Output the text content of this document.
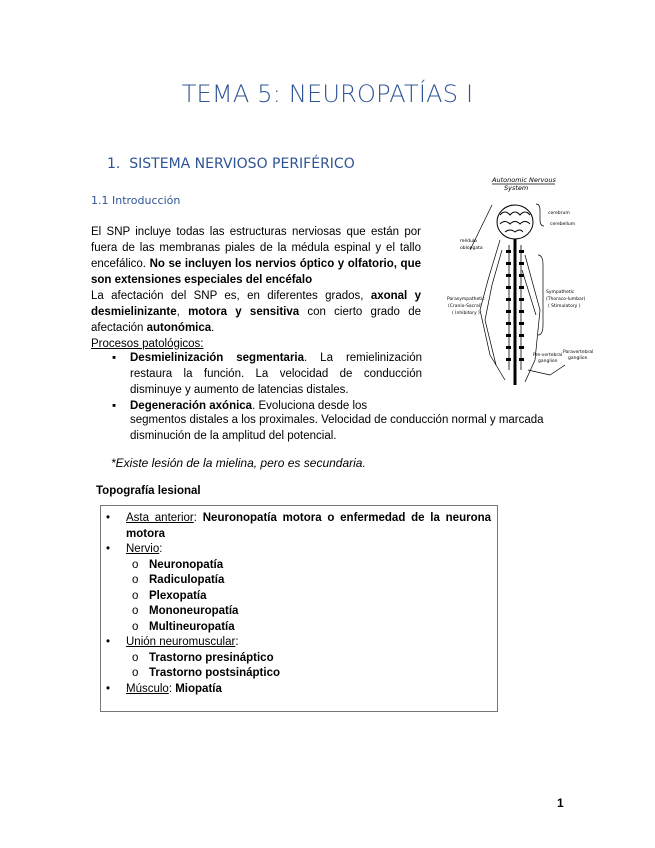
TEMA 5: NEUROPATÍAS I
1. SISTEMA NERVIOSO PERIFÉRICO
1.1 Introducción

El SNP incluye todas las estructuras nerviosas que están por fuera de las membranas piales de la médula espinal y el tallo encefálico. No se incluyen los nervios óptico y olfatorio, que son extensiones especiales del encéfalo

La afectación del SNP es, en diferentes grados, axonal y desmielinizante, motora y sensitiva con cierto grado de afectación autonómica.

Procesos patológicos:

▪ Desmielinización segmentaria. La remielinización restaura la función. La velocidad de conducción disminuye y aumento de latencias distales.

▪ Degeneración axónica. Evoluciona desde los

segmentos distales a los proximales. Velocidad de conducción normal y marcada disminución de la amplitud del potencial.
*Existe lesión de la mielina, pero es secundaria.
Topografía lesional
• Asta anterior: Neuronopatía motora o enfermedad de la neurona motora
• Nervio:
o Neuronopatía
o Radiculopatía
o Plexopatía
o Mononeuropatía
o Multineuropatía
• Unión neuromuscular:
o Trastorno presináptico
o Trastorno postsináptico
• Músculo: Miopatía
Autonomic Nervous
System
cerebrum
cerebellum
médula
oblongata
Parasympathetic
(Cranio-Sacral)
( Inhibitory )
Sympathetic
(Thoraco-lumbar)
( Stimulatory )
Pre-vertebral
ganglion
Paravertebral
ganglion
1
